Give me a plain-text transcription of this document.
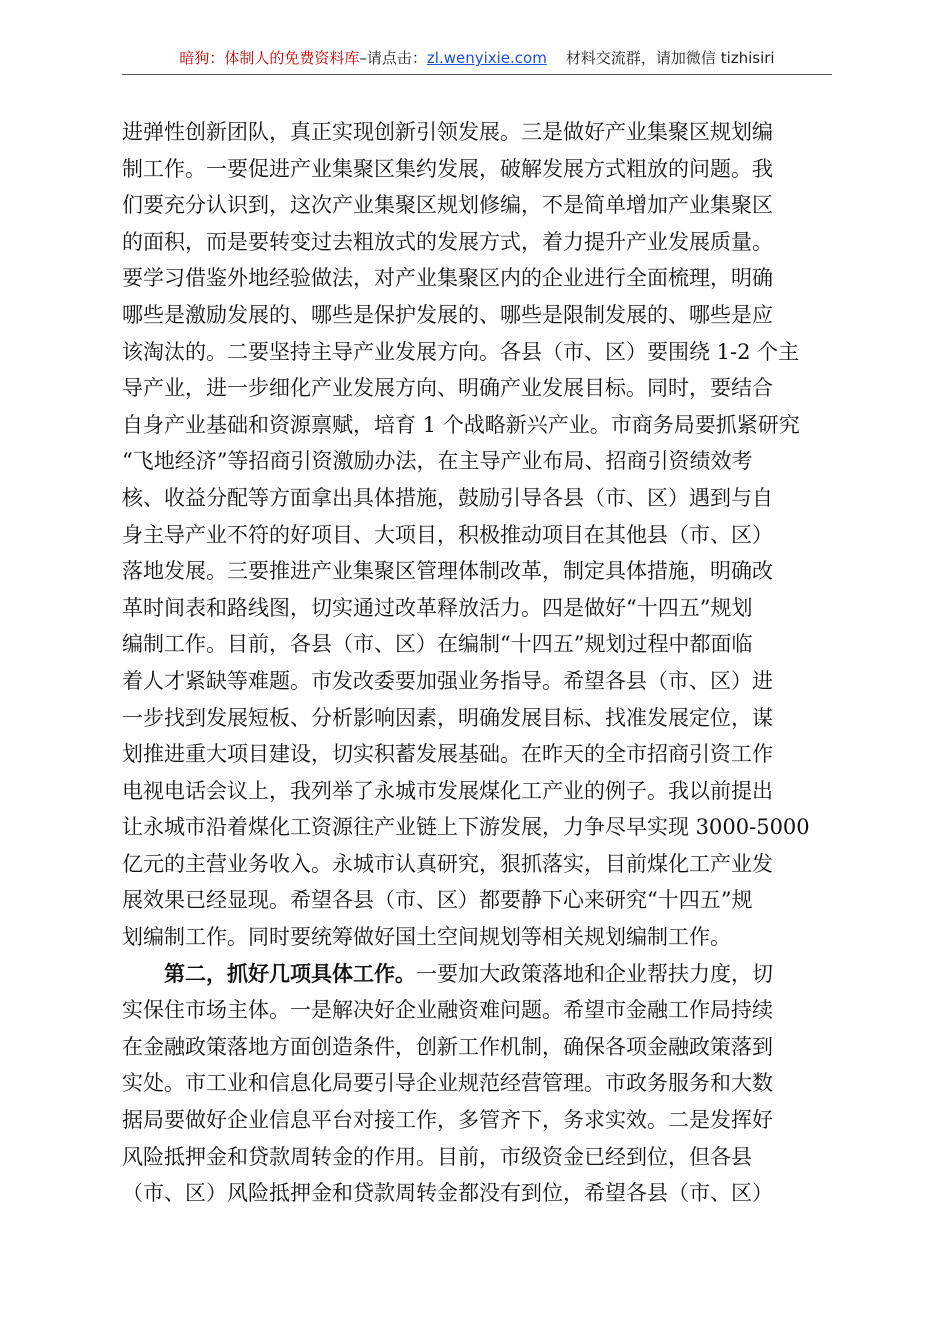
暗狗：体制人的免费资料库–请点击：zl.wenyixie.com 材料交流群，请加微信 tizhisiri

进弹性创新团队，真正实现创新引领发展。三是做好产业集聚区规划编
制工作。一要促进产业集聚区集约发展，破解发展方式粗放的问题。我
们要充分认识到，这次产业集聚区规划修编，不是简单增加产业集聚区
的面积，而是要转变过去粗放式的发展方式，着力提升产业发展质量。
要学习借鉴外地经验做法，对产业集聚区内的企业进行全面梳理，明确
哪些是激励发展的、哪些是保护发展的、哪些是限制发展的、哪些是应
该淘汰的。二要坚持主导产业发展方向。各县（市、区）要围绕 1-2 个主
导产业，进一步细化产业发展方向、明确产业发展目标。同时，要结合
自身产业基础和资源禀赋，培育 1 个战略新兴产业。市商务局要抓紧研究
“飞地经济”等招商引资激励办法，在主导产业布局、招商引资绩效考
核、收益分配等方面拿出具体措施，鼓励引导各县（市、区）遇到与自
身主导产业不符的好项目、大项目，积极推动项目在其他县（市、区）
落地发展。三要推进产业集聚区管理体制改革，制定具体措施，明确改
革时间表和路线图，切实通过改革释放活力。四是做好“十四五”规划
编制工作。目前，各县（市、区）在编制“十四五”规划过程中都面临
着人才紧缺等难题。市发改委要加强业务指导。希望各县（市、区）进
一步找到发展短板、分析影响因素，明确发展目标、找准发展定位，谋
划推进重大项目建设，切实积蓄发展基础。在昨天的全市招商引资工作
电视电话会议上，我列举了永城市发展煤化工产业的例子。我以前提出
让永城市沿着煤化工资源往产业链上下游发展，力争尽早实现 3000-5000
亿元的主营业务收入。永城市认真研究，狠抓落实，目前煤化工产业发
展效果已经显现。希望各县（市、区）都要静下心来研究“十四五”规
划编制工作。同时要统筹做好国土空间规划等相关规划编制工作。

第二，抓好几项具体工作。一要加大政策落地和企业帮扶力度，切
实保住市场主体。一是解决好企业融资难问题。希望市金融工作局持续
在金融政策落地方面创造条件，创新工作机制，确保各项金融政策落到
实处。市工业和信息化局要引导企业规范经营管理。市政务服务和大数
据局要做好企业信息平台对接工作，多管齐下，务求实效。二是发挥好
风险抵押金和贷款周转金的作用。目前，市级资金已经到位，但各县
（市、区）风险抵押金和贷款周转金都没有到位，希望各县（市、区）
